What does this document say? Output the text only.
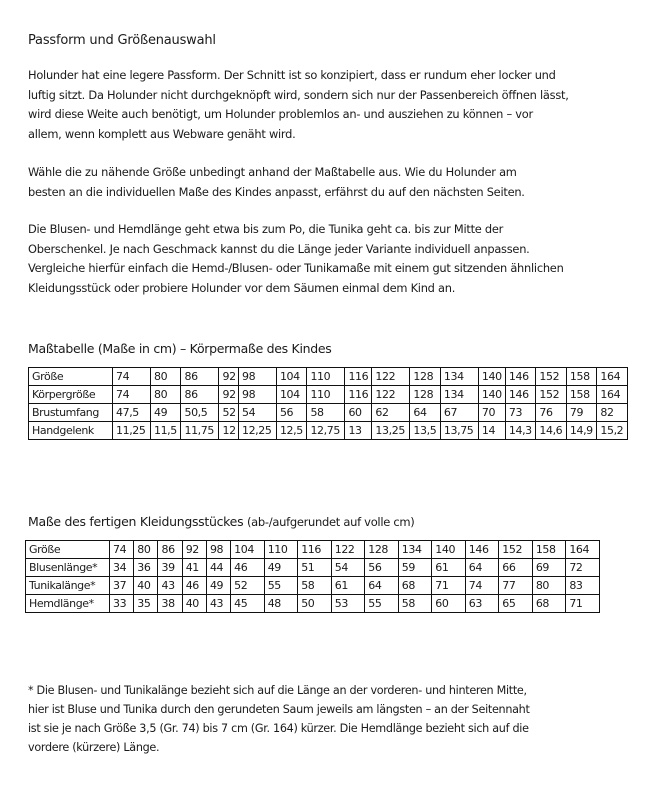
Passform und Größenauswahl

Holunder hat eine legere Passform. Der Schnitt ist so konzipiert, dass er rundum eher locker und

luftig sitzt. Da Holunder nicht durchgeknöpft wird, sondern sich nur der Passenbereich öffnen lässt,

wird diese Weite auch benötigt, um Holunder problemlos an- und ausziehen zu können – vor

allem, wenn komplett aus Webware genäht wird.

Wähle die zu nähende Größe unbedingt anhand der Maßtabelle aus. Wie du Holunder am

besten an die individuellen Maße des Kindes anpasst, erfährst du auf den nächsten Seiten.

Die Blusen- und Hemdlänge geht etwa bis zum Po, die Tunika geht ca. bis zur Mitte der

Oberschenkel. Je nach Geschmack kannst du die Länge jeder Variante individuell anpassen.

Vergleiche hierfür einfach die Hemd-/Blusen- oder Tunikamaße mit einem gut sitzenden ähnlichen

Kleidungsstück oder probiere Holunder vor dem Säumen einmal dem Kind an.

Maßtabelle (Maße in cm) – Körpermaße des Kindes
Größe	74	80	86	92	98	104	110	116	122	128	134	140	146	152	158	164
Körpergröße	74	80	86	92	98	104	110	116	122	128	134	140	146	152	158	164
Brustumfang	47,5	49	50,5	52	54	56	58	60	62	64	67	70	73	76	79	82
Handgelenk	11,25	11,5	11,75	12	12,25	12,5	12,75	13	13,25	13,5	13,75	14	14,3	14,6	14,9	15,2
Maße des fertigen Kleidungsstückes (ab-/aufgerundet auf volle cm)
Größe	74	80	86	92	98	104	110	116	122	128	134	140	146	152	158	164
Blusenlänge*	34	36	39	41	44	46	49	51	54	56	59	61	64	66	69	72
Tunikalänge*	37	40	43	46	49	52	55	58	61	64	68	71	74	77	80	83
Hemdlänge*	33	35	38	40	43	45	48	50	53	55	58	60	63	65	68	71

* Die Blusen- und Tunikalänge bezieht sich auf die Länge an der vorderen- und hinteren Mitte,

hier ist Bluse und Tunika durch den gerundeten Saum jeweils am längsten – an der Seitennaht

ist sie je nach Größe 3,5 (Gr. 74) bis 7 cm (Gr. 164) kürzer. Die Hemdlänge bezieht sich auf die

vordere (kürzere) Länge.
